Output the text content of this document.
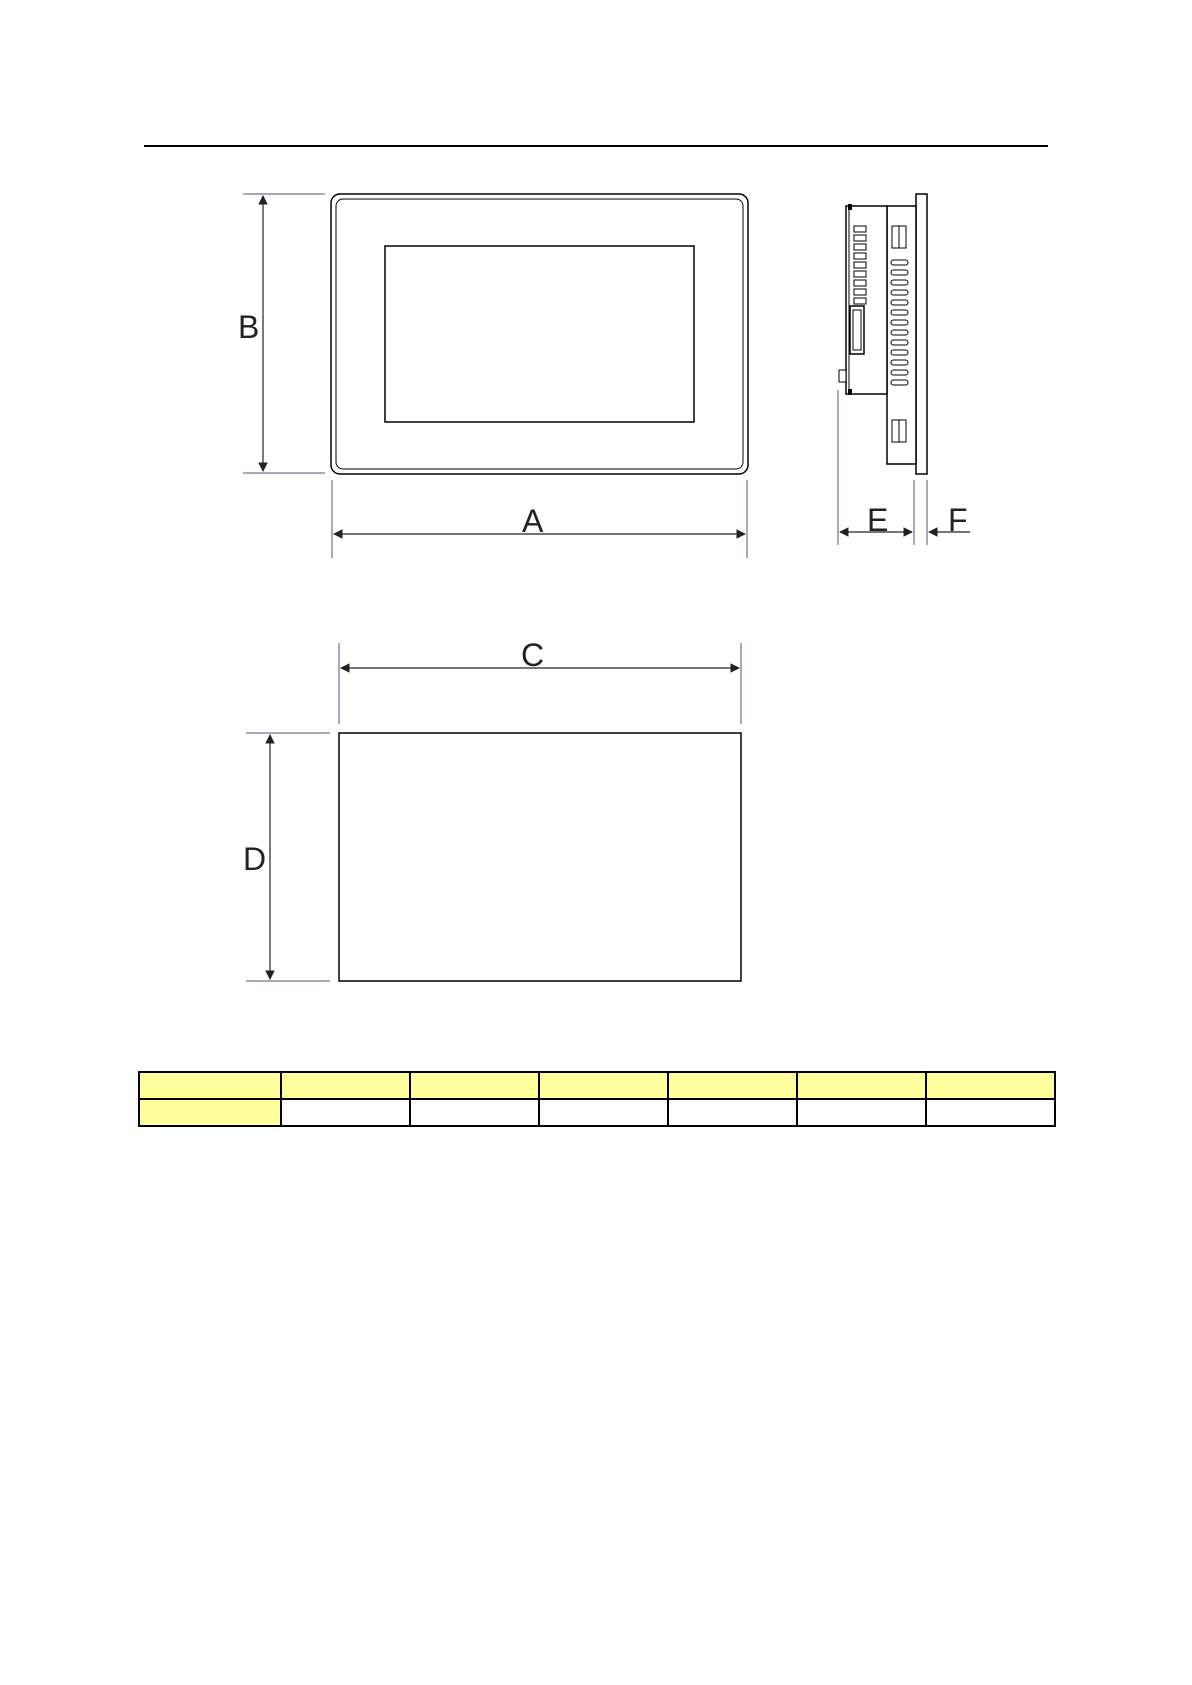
B
A	E F
C
D
